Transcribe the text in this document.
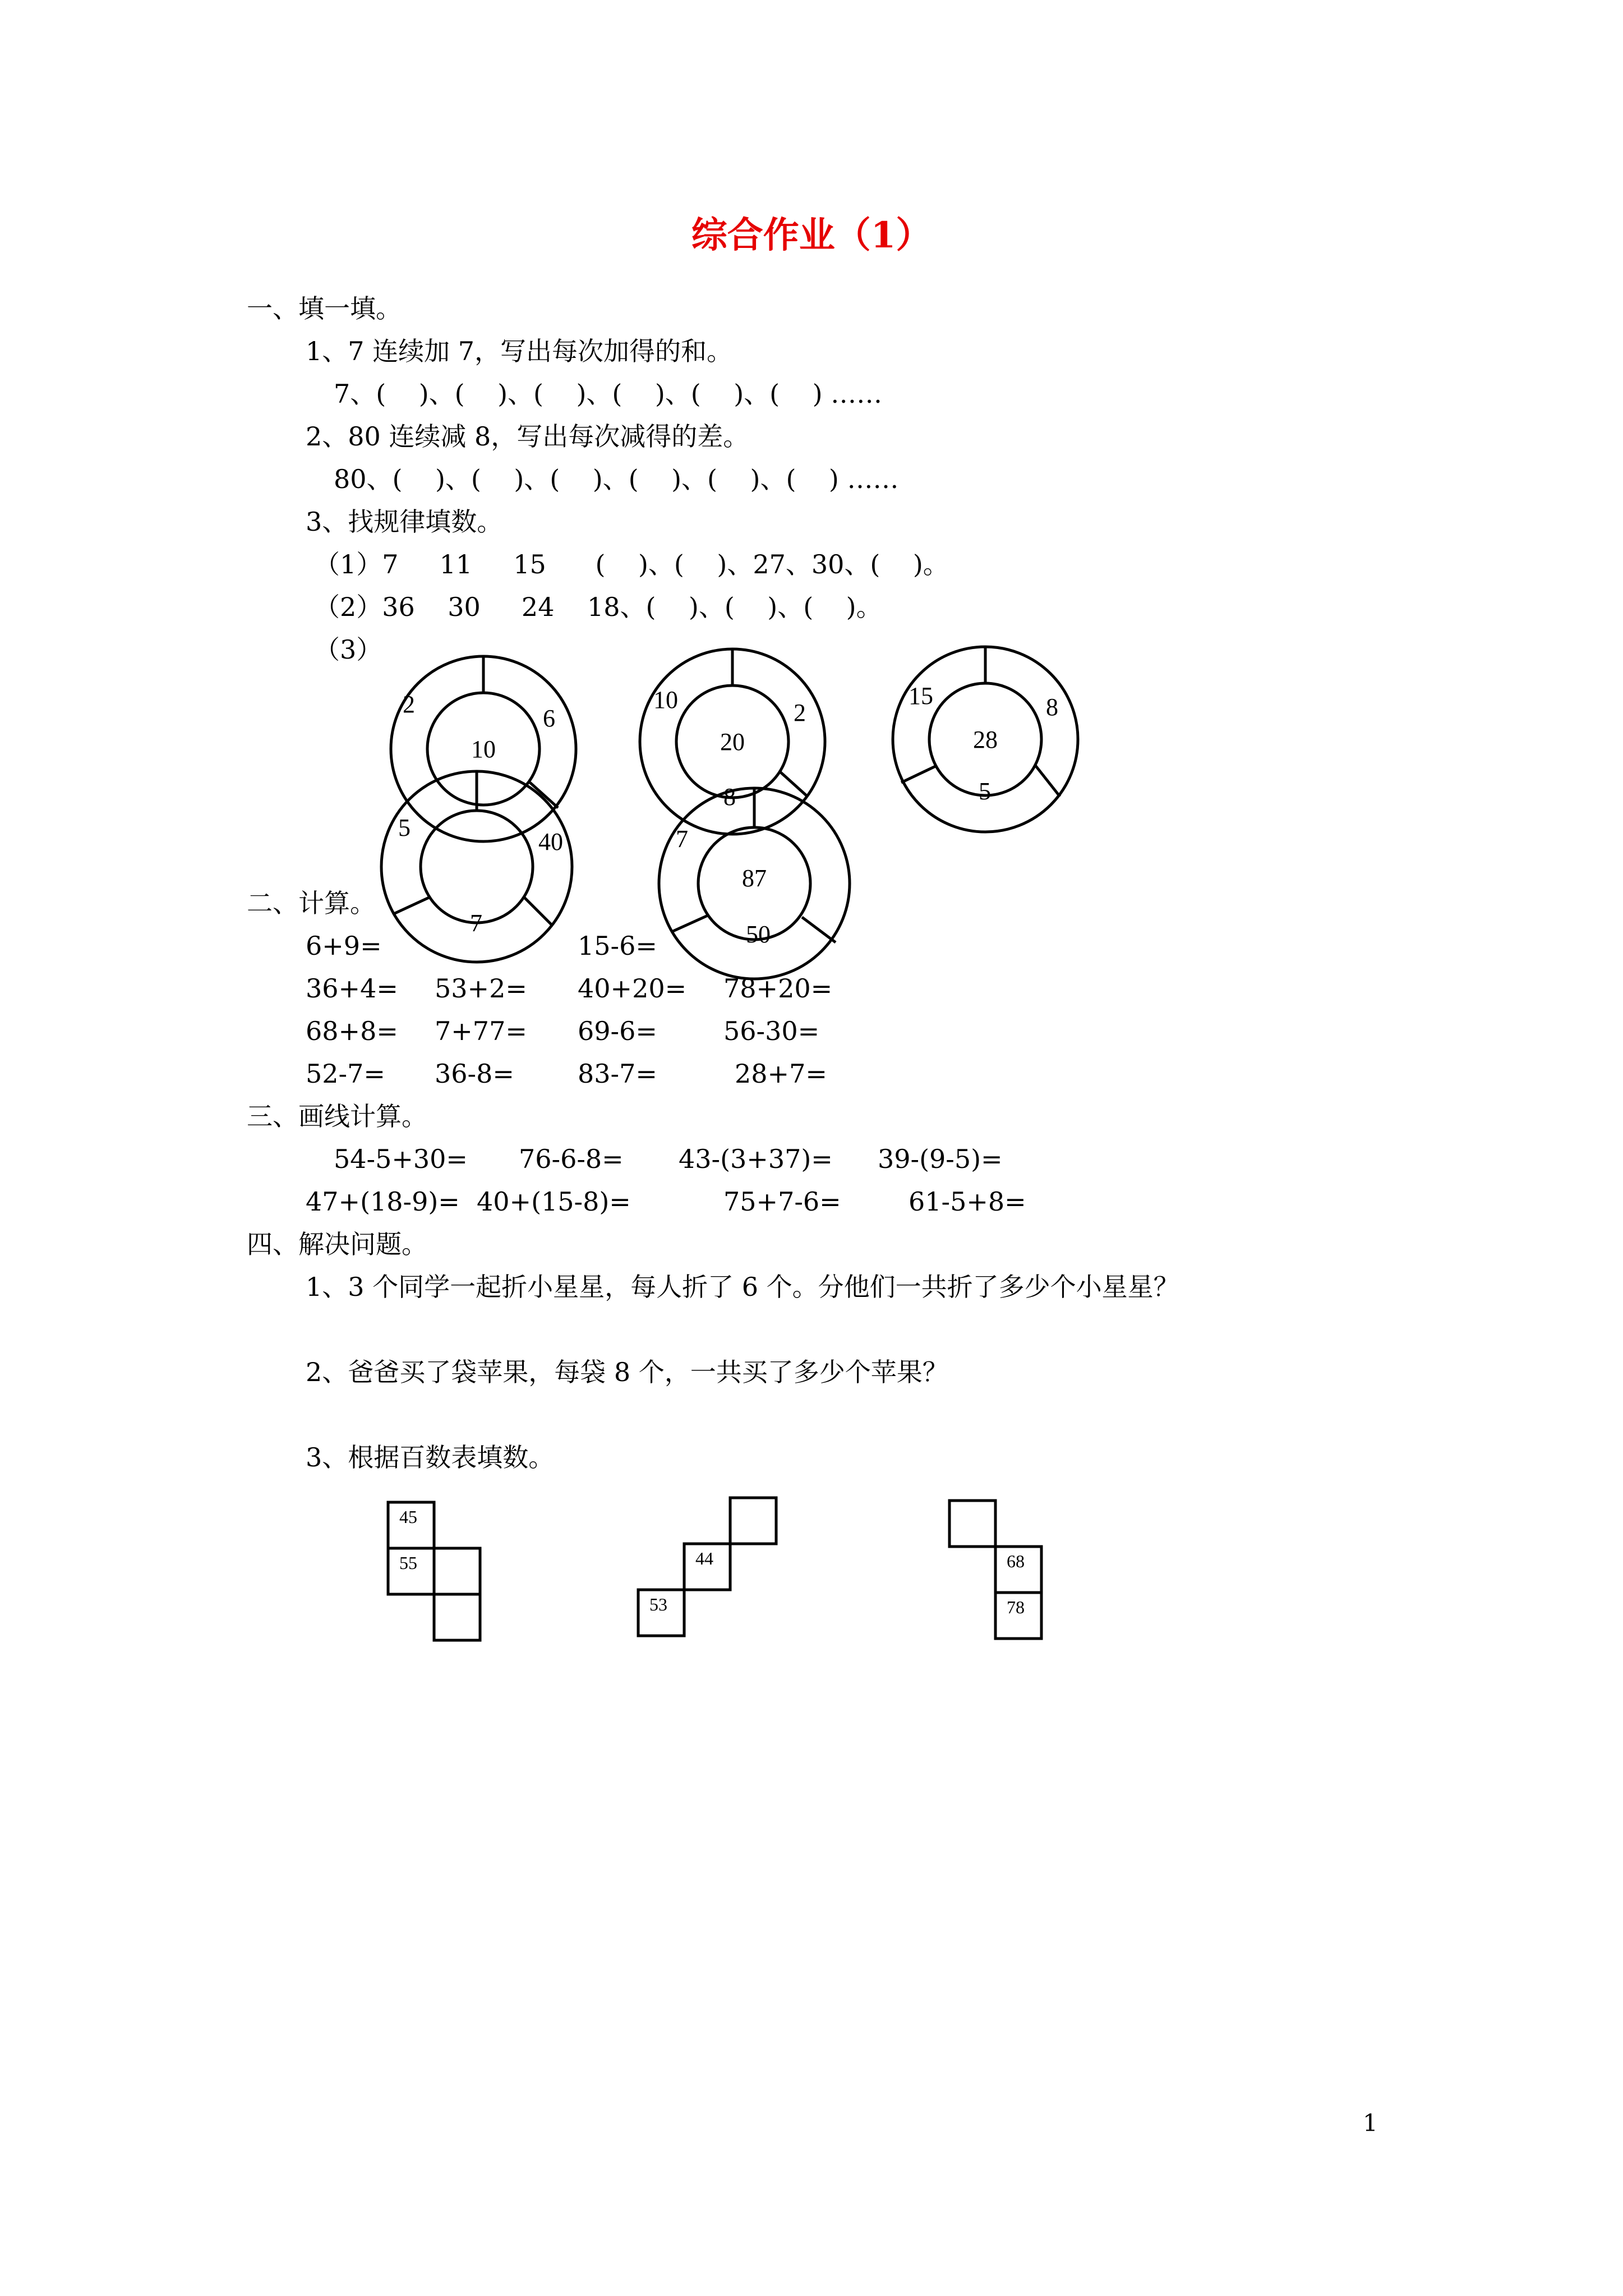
综合作业（1）
一、填一填。
1、7 连续加 7，写出每次加得的和。
7、(    )、(    )、(    )、(    )、(    )、(    ) ……
2、80 连续减 8，写出每次减得的差。
80、(    )、(    )、(    )、(    )、(    )、(    ) ……
3、找规律填数。
（1）7     11     15      (    )、(    )、27、30、(    )。
（2）36    30     24    18、(    )、(    )、(    )。
（3）
10
2
6
20
10	2
8
28
15	8
5
5
40
7
87
7
50
二、计算。
6+9=	15-6=
36+4= 53+2= 40+20= 78+20=
68+8= 7+77= 69-6=	56-30=
52-7= 36-8= 83-7=	28+7=
三、画线计算。
54-5+30= 76-6-8= 43-(3+37)= 39-(9-5)=
47+(18-9)= 40+(15-8)=	75+7-6=	61-5+8=
四、解决问题。
1、3 个同学一起折小星星，每人折了 6 个。分他们一共折了多少个小星星？
2、爸爸买了袋苹果，每袋 8 个，一共买了多少个苹果？
3、根据百数表填数。
45
55	44
53
68
78
1
